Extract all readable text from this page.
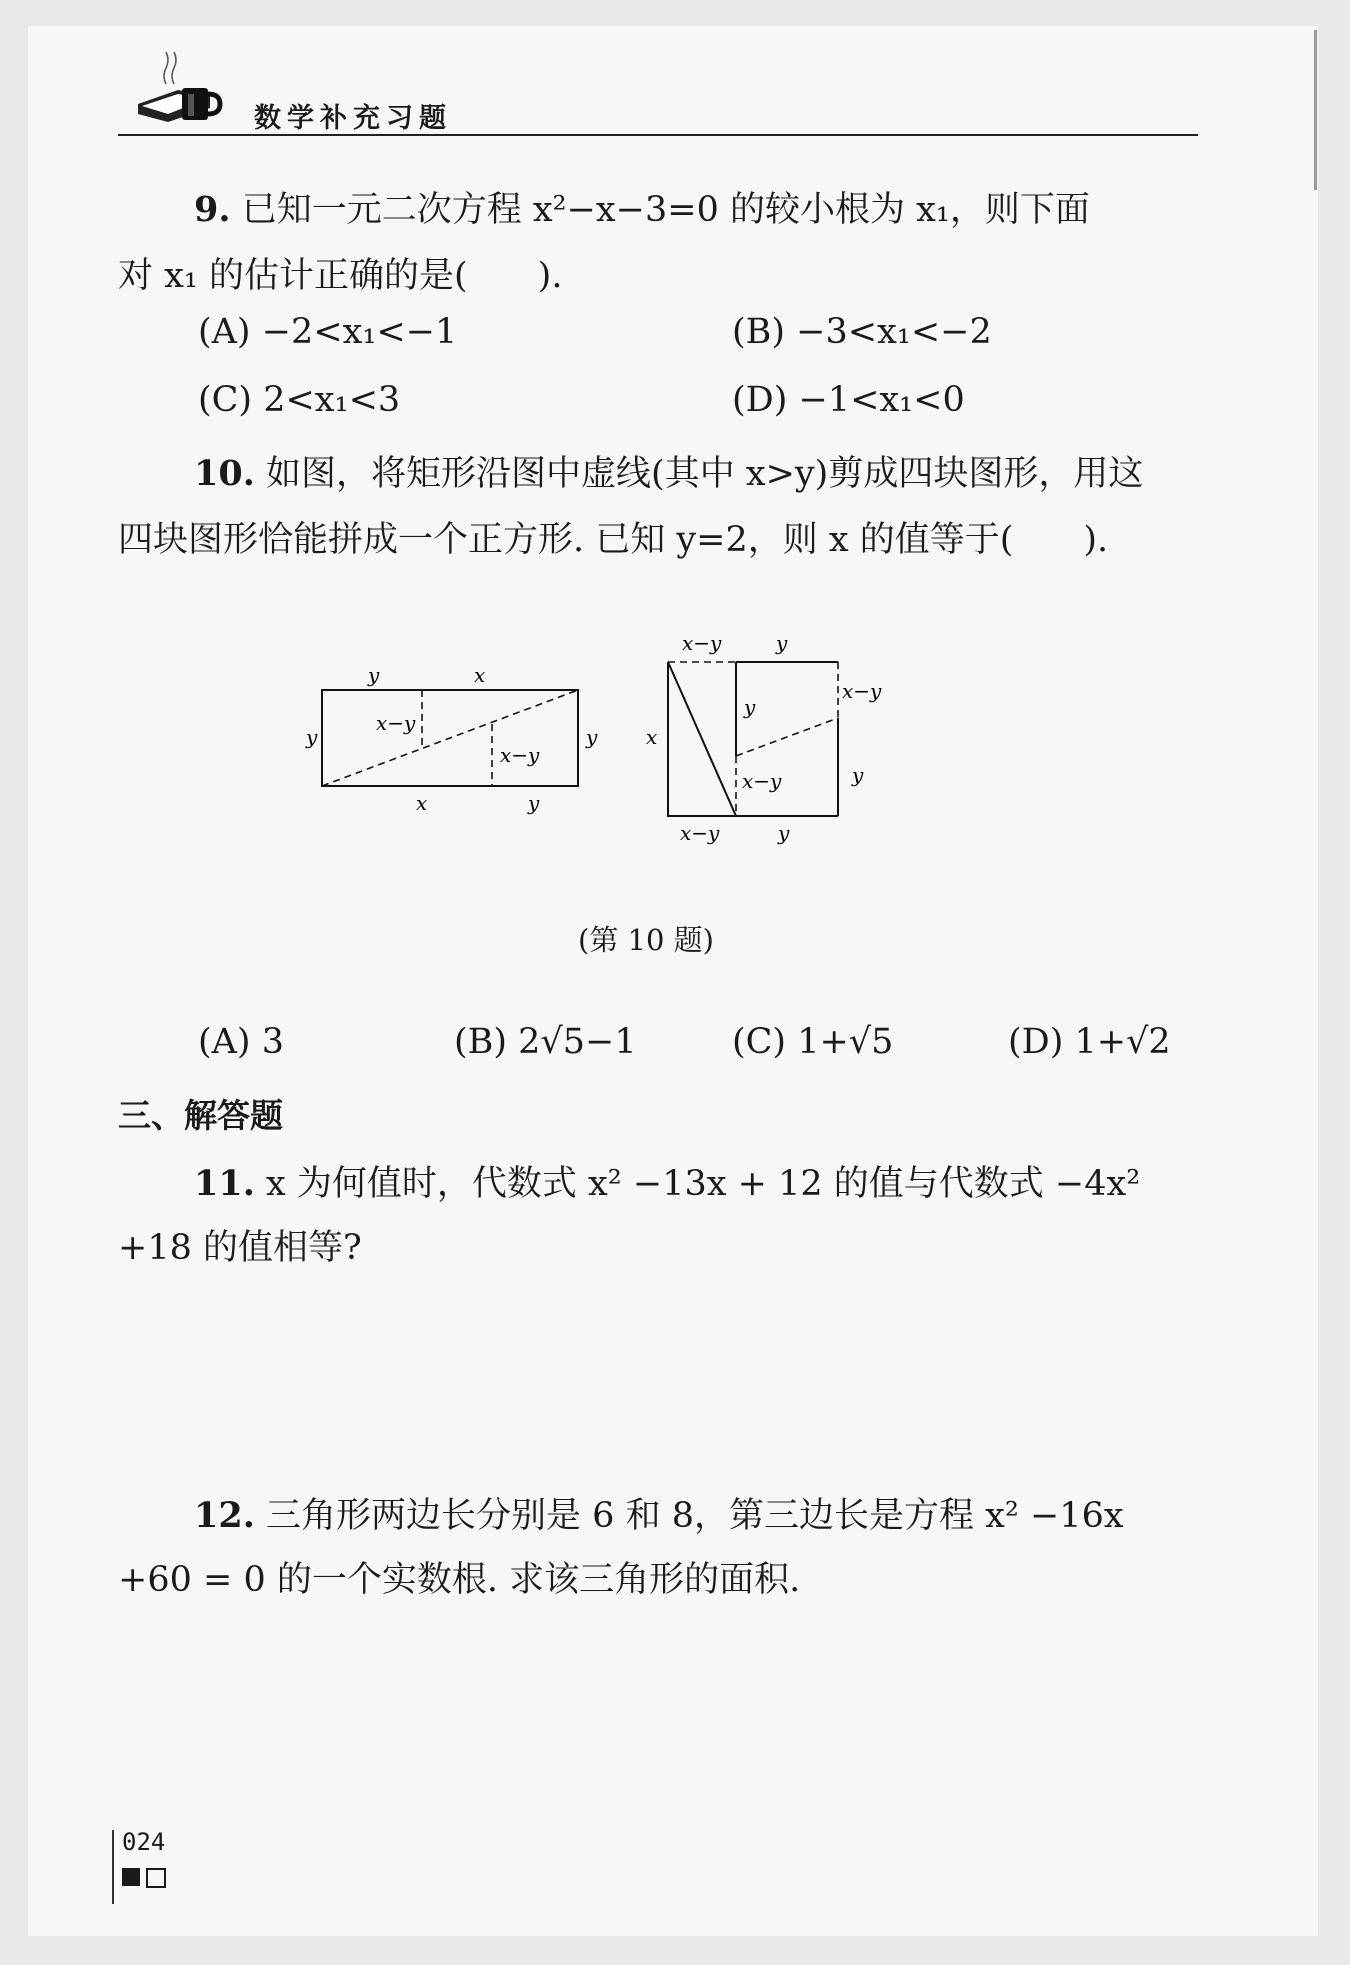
数学补充习题
9. 已知一元二次方程 x²−x−3=0 的较小根为 x₁，则下面
对 x₁ 的估计正确的是(　　).
(A) −2<x₁<−1	(B) −3<x₁<−2
(C) 2<x₁<3	(D) −1<x₁<0
10. 如图，将矩形沿图中虚线(其中 x>y)剪成四块图形，用这
四块图形恰能拼成一个正方形. 已知 y=2，则 x 的值等于(　　).
(A) 3	(B) 2√5−1	(C) 1+√5	(D) 1+√2
三、解答题
11. x 为何值时，代数式 x² −13x + 12 的值与代数式 −4x²
+18 的值相等?
12. 三角形两边长分别是 6 和 8，第三边长是方程 x² −16x
+60 = 0 的一个实数根. 求该三角形的面积.
y	x
y
x−y
x−y
y
x	y
x−y	y
x−y
y
x
x−y	y
x−y	y
(第 10 题)
024
